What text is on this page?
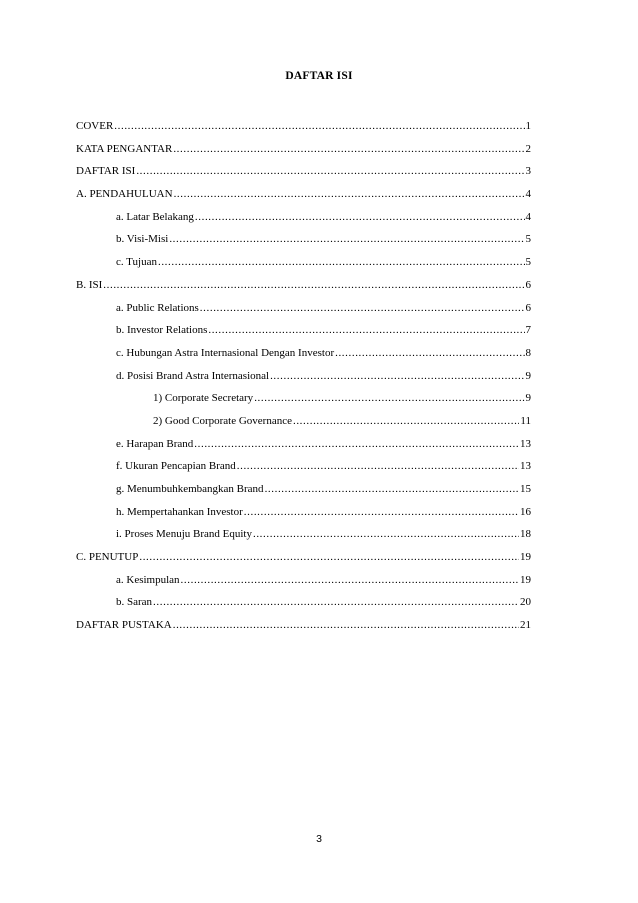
DAFTAR ISI
COVER .....	1
KATA PENGANTAR .....	2
DAFTAR ISI .....	3
A. PENDAHULUAN .....	4
a. Latar Belakang .....	4
b. Visi-Misi .....	5
c. Tujuan .....	5
B. ISI .....	6
a. Public Relations .....	6
b. Investor Relations .....	7
c. Hubungan Astra Internasional Dengan Investor .....	8
d. Posisi Brand Astra Internasional .....	9
1) Corporate Secretary .....	9
2) Good Corporate Governance .....	11
e. Harapan Brand .....	13
f. Ukuran Pencapian Brand .....	13
g. Menumbuhkembangkan Brand .....	15
h. Mempertahankan Investor .....	16
i. Proses Menuju Brand Equity .....	18
C. PENUTUP .....	19
a. Kesimpulan .....	19
b. Saran .....	20
DAFTAR PUSTAKA .....	21
3
